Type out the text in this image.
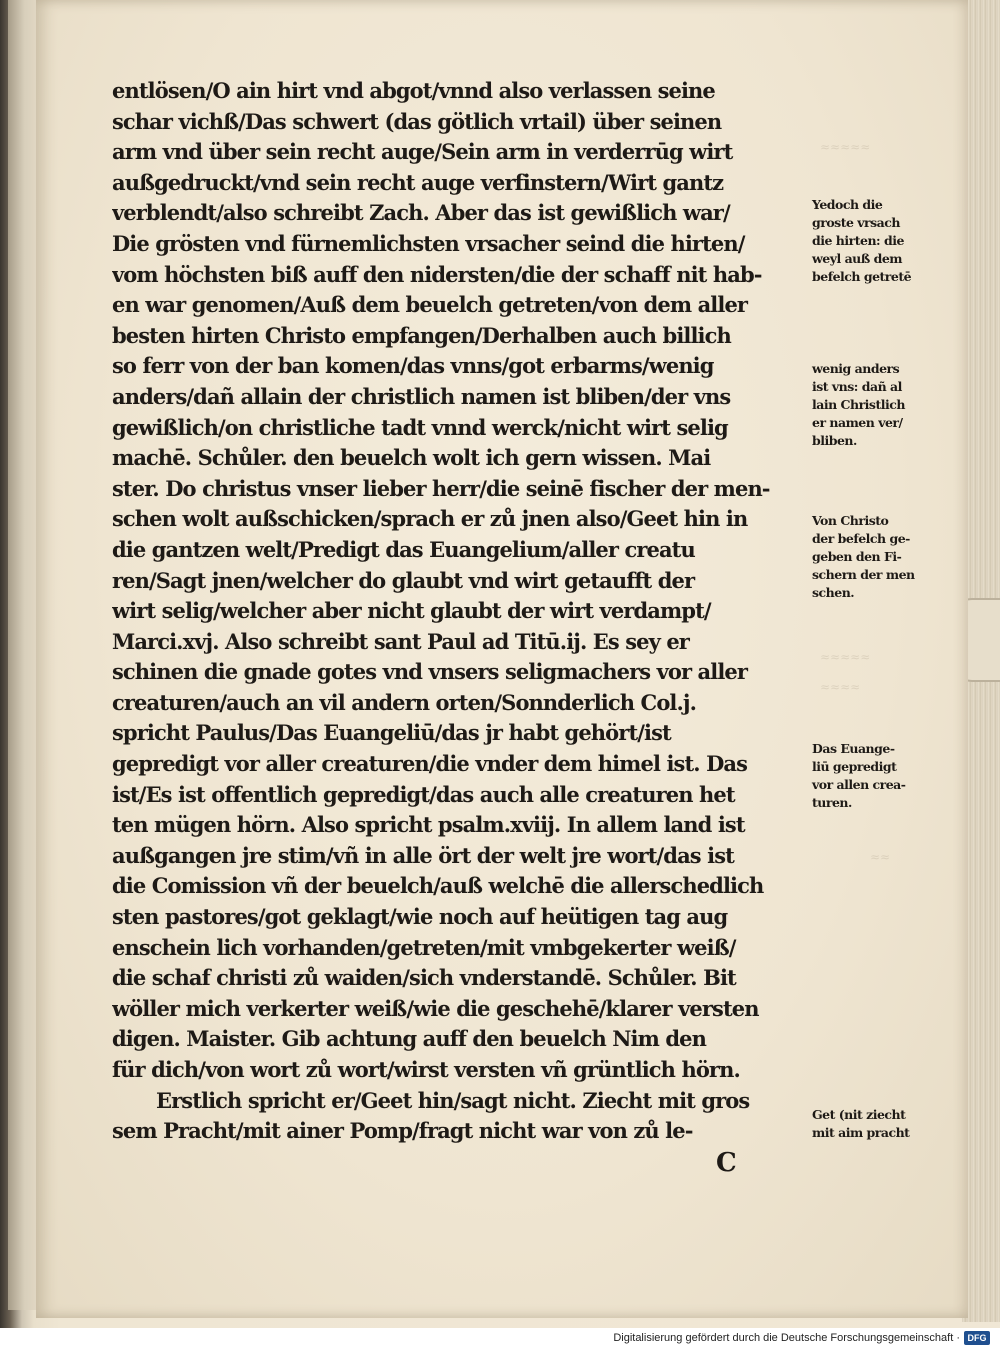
≈≈≈≈≈
≈≈≈≈≈
≈≈≈≈
≈≈
entlösen/O ain hirt vnd abgot/vnnd also verlassen seine
schar vichß/Das schwert (das götlich vrtail) über seinen
arm vnd über sein recht auge/Sein arm in verderrūg wirt
außgedruckt/vnd sein recht auge verfinstern/Wirt gantz
verblendt/also schreibt Zach. Aber das ist gewißlich war/
Die grösten vnd fürnemlichsten vrsacher seind die hirten/
vom höchsten biß auff den nidersten/die der schaff nit hab-
en war genomen/Auß dem beuelch getreten/von dem aller
besten hirten Christo empfangen/Derhalben auch billich
so ferr von der ban komen/das vnns/got erbarms/wenig
anders/dañ allain der christlich namen ist bliben/der vns
gewißlich/on christliche tadt vnnd werck/nicht wirt selig
machē. Schůler. den beuelch wolt ich gern wissen. Mai
ster. Do christus vnser lieber herr/die seinē fischer der men-
schen wolt außschicken/sprach er zů jnen also/Geet hin in
die gantzen welt/Predigt das Euangelium/aller creatu
ren/Sagt jnen/welcher do glaubt vnd wirt getaufft der
wirt selig/welcher aber nicht glaubt der wirt verdampt/
Marci.xvj. Also schreibt sant Paul ad Titū.ij. Es sey er
schinen die gnade gotes vnd vnsers seligmachers vor aller
creaturen/auch an vil andern orten/Sonnderlich Col.j.
spricht Paulus/Das Euangeliū/das jr habt gehört/ist
gepredigt vor aller creaturen/die vnder dem himel ist. Das
ist/Es ist offentlich gepredigt/das auch alle creaturen het
ten mügen hörn. Also spricht psalm.xviij. In allem land ist
außgangen jre stim/vñ in alle ört der welt jre wort/das ist
die Comission vñ der beuelch/auß welchē die allerschedlich
sten pastores/got geklagt/wie noch auf heütigen tag aug
enschein lich vorhanden/getreten/mit vmbgekerter weiß/
die schaf christi zů waiden/sich vnderstandē. Schůler. Bit
wöller mich verkerter weiß/wie die geschehē/klarer versten
digen. Maister. Gib achtung auff den beuelch Nim den
für dich/von wort zů wort/wirst versten vñ grüntlich hörn.
Erstlich spricht er/Geet hin/sagt nicht. Ziecht mit gros
sem Pracht/mit ainer Pomp/fragt nicht war von zů le-
C
Yedoch die
groste vrsach
die hirten: die
weyl auß dem
befelch getretē
wenig anders
ist vns: dañ al
lain Christlich
er namen ver/
bliben.
Von Christo
der befelch ge-
geben den Fi-
schern der men
schen.
Das Euange-
liū gepredigt
vor allen crea-
turen.
Get (nit ziecht
mit aim pracht
Digitalisierung gefördert durch die Deutsche Forschungsgemeinschaft · DFG
